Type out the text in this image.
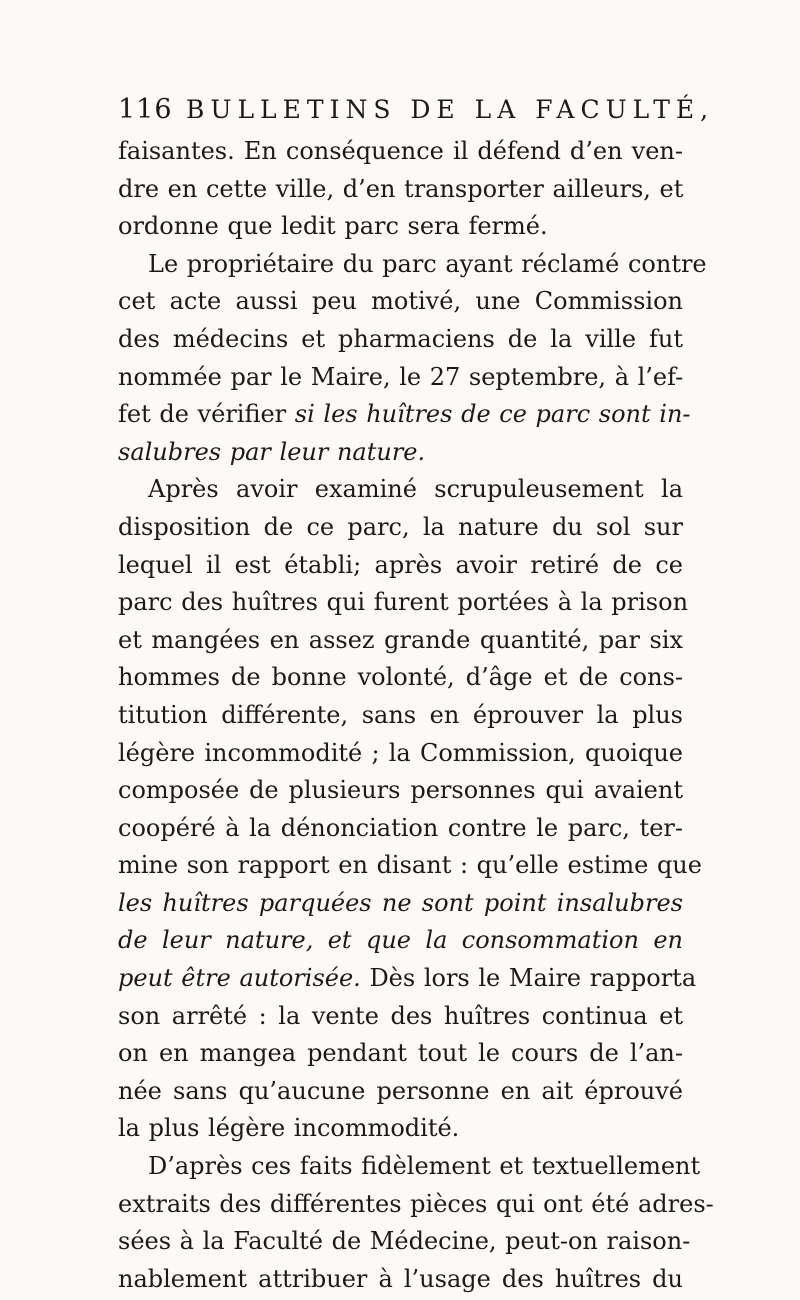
116 BULLETINS DE LA FACULTÉ,
faisantes. En conséquence il défend d’en ven-
dre en cette ville, d’en transporter ailleurs, et
ordonne que ledit parc sera fermé.
Le propriétaire du parc ayant réclamé contre
cet acte aussi peu motivé, une Commission
des médecins et pharmaciens de la ville fut
nommée par le Maire, le 27 septembre, à l’ef-
fet de vérifier si les huîtres de ce parc sont in-
salubres par leur nature.
Après avoir examiné scrupuleusement la
disposition de ce parc, la nature du sol sur
lequel il est établi; après avoir retiré de ce
parc des huîtres qui furent portées à la prison
et mangées en assez grande quantité, par six
hommes de bonne volonté, d’âge et de cons-
titution différente, sans en éprouver la plus
légère incommodité ; la Commission, quoique
composée de plusieurs personnes qui avaient
coopéré à la dénonciation contre le parc, ter-
mine son rapport en disant : qu’elle estime que
les huîtres parquées ne sont point insalubres
de leur nature, et que la consommation en
peut être autorisée. Dès lors le Maire rapporta
son arrêté : la vente des huîtres continua et
on en mangea pendant tout le cours de l’an-
née sans qu’aucune personne en ait éprouvé
la plus légère incommodité.
D’après ces faits fidèlement et textuellement
extraits des différentes pièces qui ont été adres-
sées à la Faculté de Médecine, peut-on raison-
nablement attribuer à l’usage des huîtres du
